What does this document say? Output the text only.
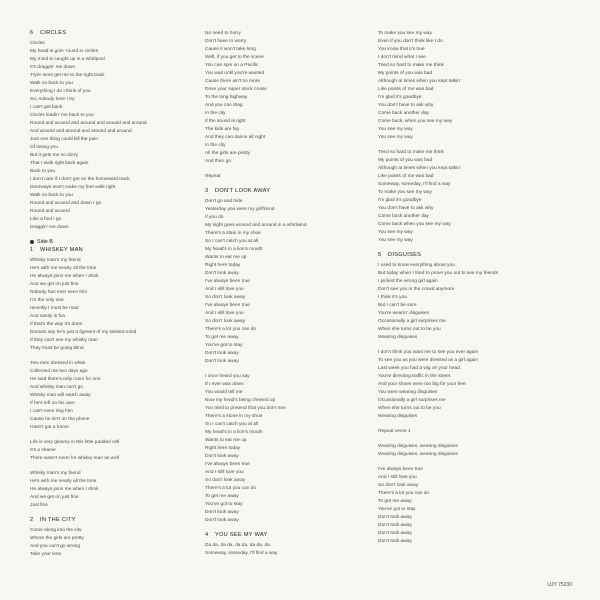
6 CIRCLES
Circles
My head is goin' round in circles
My mind is caught up in a whirlpool
It's draggin' me down
Tryin' wont get me to the right track
Walk on back to you
Everything I do I think of you
So, nobody here I try
I can't get back
Circles leadin' me back to you
Round and around and around and around and around
And around and around and around and around
Just one thing could kill the pain
Of losing you
But it gets me so dizzy
That I walk right back again
Back to you
I don't care if I don't get on the homeward track
Doorways won't make my feet walk right
Walk on back to you
Round and around and down I go
Round and around
Like a fool I go
Draggin' me down
Side B
1 WHISKEY MAN
Whisky man's my friend
He's with me nearly all the time
He always joins me when I drink
And we get on just fine
Nobody has ever seen him
I'm the only one
recently I must be mad
And sanity is fun
If that's the way it's done
Doctors say he's just a figment of my twisted mind
If they can't see my whisky man
They must be going blind
Two men dressed in white
Collected me two days ago
He said there's only room for one
And whisky man can't go
Whisky man will watch away
If he's left on his own
I can't even ring him
Cause he isn't on the phone
Hasn't got a home
Life is very gloomy in this little padded cell
It's a shame
There wasn't room for whisky man as well
Whisky man's my friend
He's with me nearly all the time
He always joins me when I drink
And we get on just fine
Just fine
2 IN THE CITY
Come along into the city
Where the girls are pretty
And you can't go wrong
Take your time
No need to hurry
Don't have to worry
Cause it won't take long
Well, if you get to the scene
You can spin on a Pacific
You wait until you're wanted
Cause there ain't no more
Drive your super stock cruise
To the long highway
And you can drag
In the city
If the sound is right
The kids are hip
And they can dance all night
In the city
All the girls are pretty
And then go
Repeat
3 DON'T LOOK AWAY
Don't go and hide
Yesterday you were my girlfriend
If you do
My sight goes around and around in a whirlwind
There's a stain in my shoe
So I can't catch you at all
My head's in a lion's mouth
Wants to eat me up
Right here today
Don't look away
I've always been true
And I still love you
So don't look away
I've always been true
And I still love you
So don't look away
There's a lot you can do
To get me away
You've got to stay
Don't look away
Don't look away
I once heard you say
If I ever was down
You would tell me
Now my head's being chewed up
You tried to pretend that you don't see
There's a stone in my shoe
So I can't catch you at all
My head's in a lion's mouth
Wants to eat me up
Right here today
Don't look away
I've always been true
And I still love you
So don't look away
There's a lot you can do
To get me away
You've got to stay
Don't look away
Don't look away
4 YOU SEE MY WAY
Da da, da da, da da, da da, da
Someway, someday, I'll find a way
To make you see my way
Even if you don't think like I do
You know that it's true
I don't mind what I see
Tried so hard to make me think
My points of you was bad
Although at times when you kept talkin'
Like points of me was bad
I'm glad it's goodbye
You don't have to ask why
Come back another day
Come back, when you see my way
You see my way
You see my way
Tried so hard to make me think
My points of you was bad
Although at times when you kept talkin'
Like points of me was bad
Someway, someday, I'll find a way
To make you see my way
I'm glad it's goodbye
You don't have to ask why
Come back another day
Come back when you see my way
You see my way
You see my way
5 DISGUISES
I used to know everything about you
But today when I tried to prove you out to see my friends
I picked the wrong girl again
Don't see you in the crowd anymore
I think it's you
But I can't be sure
You're wearin' disguises
Occasionally a girl surprises me
When she turns out to be you
Wearing disguises
I don't think you want me to see you ever again
To see you as you were dressed as a girl again
Last week you had a wig on your head
You're directing traffic in the street
And your shoes were too big for your feet
You were wearing disguises
Occasionally a girl surprises me
When she turns out to be you
Wearing disguises
Repeat verse 1
Wearing disguises, wearing disguises
Wearing disguises, wearing disguises
I've always been true
And I still love you
So don't look away
There's a lot you can do
To get me away
You've got to stay
Don't look away
Don't look away
Don't look away
Don't look away
UJY 75230
